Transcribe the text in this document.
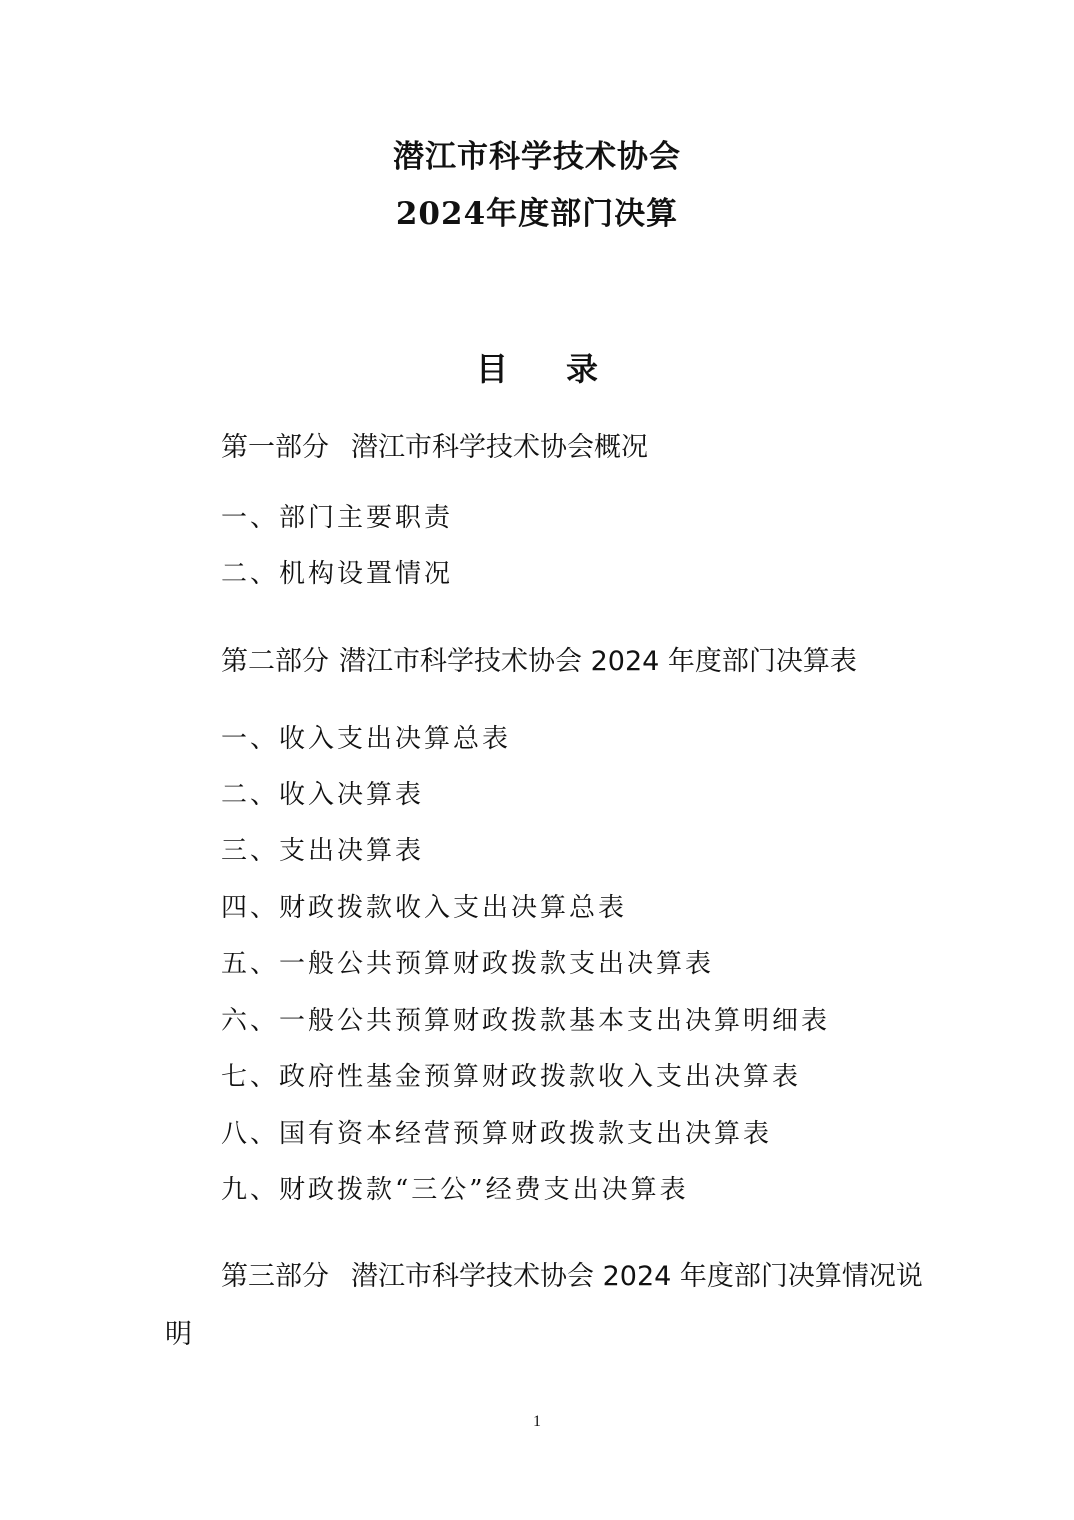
潜江市科学技术协会
2024年度部门决算
目 录
第一部分 潜江市科学技术协会概况
一、部门主要职责
二、机构设置情况
第二部分 潜江市科学技术协会 2024 年度部门决算表
一、收入支出决算总表
二、收入决算表
三、支出决算表
四、财政拨款收入支出决算总表
五、一般公共预算财政拨款支出决算表
六、一般公共预算财政拨款基本支出决算明细表
七、政府性基金预算财政拨款收入支出决算表
八、国有资本经营预算财政拨款支出决算表
九、财政拨款“三公”经费支出决算表
第三部分 潜江市科学技术协会 2024 年度部门决算情况说明
1
